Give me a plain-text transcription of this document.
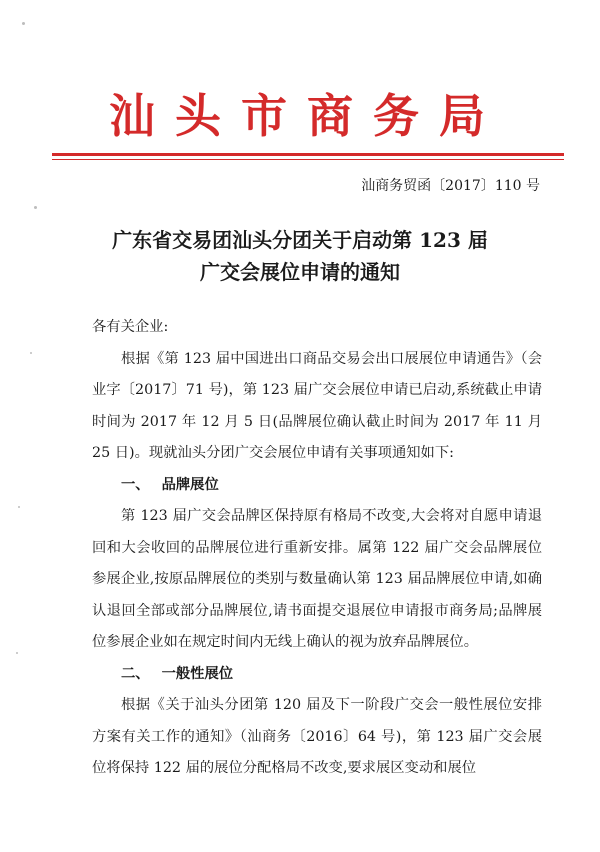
汕头市商务局
汕商务贸函〔2017〕110 号
广东省交易团汕头分团关于启动第 123 届
广交会展位申请的通知

各有关企业:

根据《第 123 届中国进出口商品交易会出口展展位申请通告》（会业字〔2017〕71 号)，第 123 届广交会展位申请已启动,系统截止申请时间为 2017 年 12 月 5 日(品牌展位确认截止时间为 2017 年 11 月 25 日)。现就汕头分团广交会展位申请有关事项通知如下:

一、 品牌展位

第 123 届广交会品牌区保持原有格局不改变,大会将对自愿申请退回和大会收回的品牌展位进行重新安排。属第 122 届广交会品牌展位参展企业,按原品牌展位的类别与数量确认第 123 届品牌展位申请,如确认退回全部或部分品牌展位,请书面提交退展位申请报市商务局;品牌展位参展企业如在规定时间内无线上确认的视为放弃品牌展位。

二、 一般性展位

根据《关于汕头分团第 120 届及下一阶段广交会一般性展位安排方案有关工作的通知》（汕商务〔2016〕64 号)，第 123 届广交会展位将保持 122 届的展位分配格局不改变,要求展区变动和展位
